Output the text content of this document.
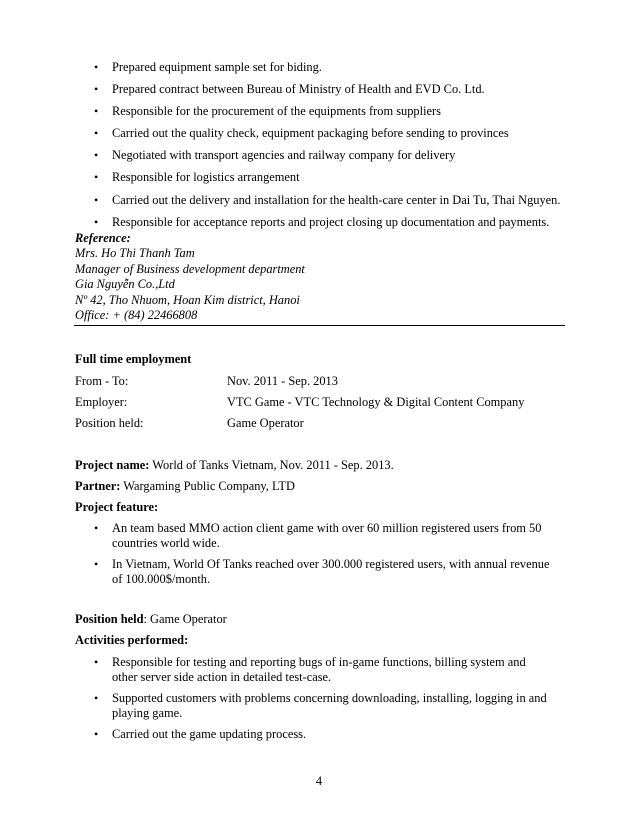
• Prepared equipment sample set for biding.
• Prepared contract between Bureau of Ministry of Health and EVD Co. Ltd.
• Responsible for the procurement of the equipments from suppliers
• Carried out the quality check, equipment packaging before sending to provinces
• Negotiated with transport agencies and railway company for delivery
• Responsible for logistics arrangement
• Carried out the delivery and installation for the health-care center in Dai Tu, Thai Nguyen.
• Responsible for acceptance reports and project closing up documentation and payments.
Reference:
Mrs. Ho Thi Thanh Tam
Manager of Business development department
Gia Nguyễn Co.,Ltd
Nº 42, Tho Nhuom, Hoan Kim district, Hanoi
Office: + (84) 22466808
Full time employment
From - To:	Nov. 2011 - Sep. 2013
Employer:	VTC Game - VTC Technology & Digital Content Company
Position held:	Game Operator
Project name: World of Tanks Vietnam, Nov. 2011 - Sep. 2013.
Partner: Wargaming Public Company, LTD
Project feature:
• An team based MMO action client game with over 60 million registered users from 50 countries world wide.
• In Vietnam, World Of Tanks reached over 300.000 registered users, with annual revenue of 100.000$/month.
Position held: Game Operator
Activities performed:
• Responsible for testing and reporting bugs of in-game functions, billing system and other server side action in detailed test-case.
• Supported customers with problems concerning downloading, installing, logging in and playing game.
• Carried out the game updating process.
4
